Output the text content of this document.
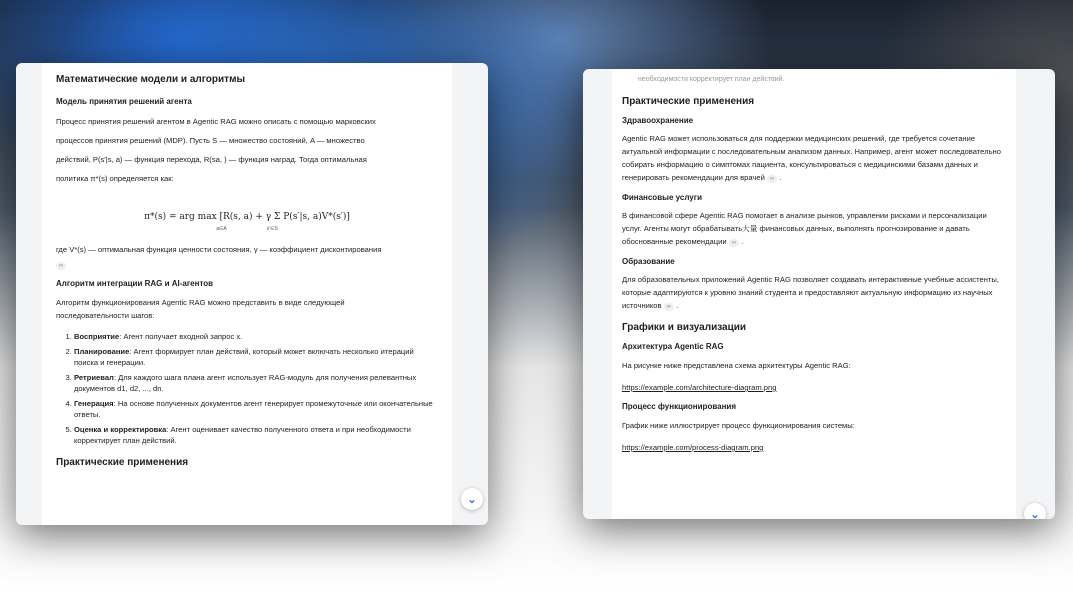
Математические модели и алгоритмы
Модель принятия решений агента

Процесс принятия решений агентом в Agentic RAG можно описать с помощью марковских

процессов принятия решений (MDP). Пусть S — множество состояний, A — множество

действий, P(s′|s, a) — функция перехода, R(sa, ) — функция наград. Тогда оптимальная

политика π*(s) определяется как:

π*(s) = arg max [R(s, a) + γ Σ P(s′|s, a)V*(s′)]
a∈A	s′∈S

где V*(s) — оптимальная функция ценности состояния, γ — коэффициент дисконтирования

∞

Алгоритм интеграции RAG и AI-агентов

Алгоритм функционирования Agentic RAG можно представить в виде следующей

последовательности шагов:

1. Восприятие: Агент получает входной запрос x.
2. Планирование: Агент формирует план действий, который может включать несколько итераций поиска и генерации.
3. Ретриевал: Для каждого шага плана агент использует RAG-модуль для получения релевантных документов d1, d2, ..., dn.
4. Генерация: На основе полученных документов агент генерирует промежуточные или окончательные ответы.
5. Оценка и корректировка: Агент оценивает качество полученного ответа и при необходимости корректирует план действий.
Практические применения
⌄

необходимости корректирует план действий.

Практические применения
Здравоохранение

Agentic RAG может использоваться для поддержки медицинских решений, где требуется сочетание актуальной информации с последовательным анализом данных. Например, агент может последовательно собирать информацию о симптомах пациента, консультироваться с медицинскими базами данных и генерировать рекомендации для врачей ∞ .

Финансовые услуги

В финансовой сфере Agentic RAG помогает в анализе рынков, управлении рисками и персонализации услуг. Агенты могут обрабатывать大量 финансовых данных, выполнять прогнозирование и давать обоснованные рекомендации ∞ .

Образование

Для образовательных приложений Agentic RAG позволяет создавать интерактивные учебные ассистенты, которые адаптируются к уровню знаний студента и предоставляют актуальную информацию из научных источников ∞ .

Графики и визуализации
Архитектура Agentic RAG

На рисунке ниже представлена схема архитектуры Agentic RAG:

https://example.com/architecture-diagram.png
Процесс функционирования

График ниже иллюстрирует процесс функционирования системы:

https://example.com/process-diagram.png
⌄
